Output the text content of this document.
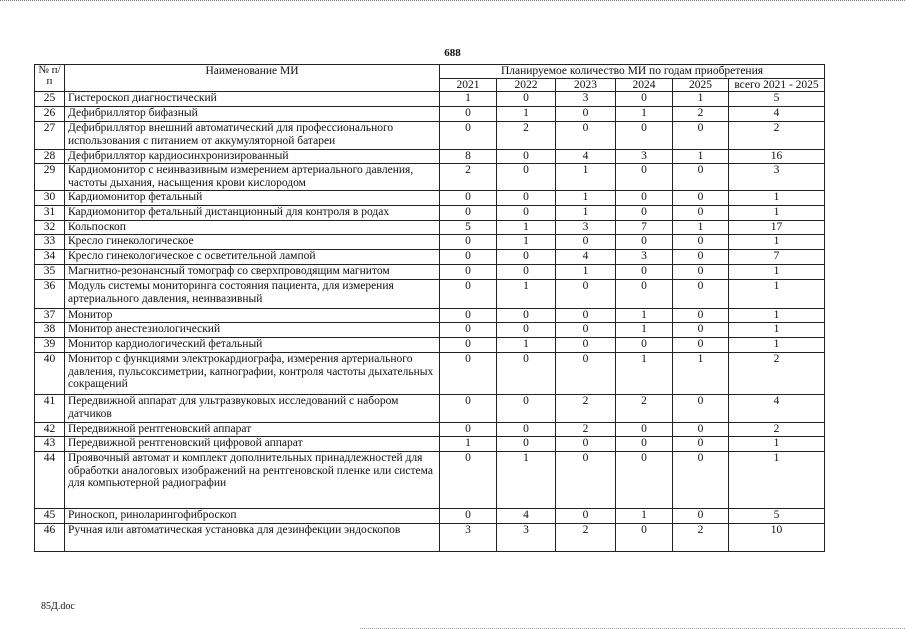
688
№ п/п	Наименование МИ	Планируемое количество МИ по годам приобретения					
		2021	2022	2023	2024	2025	всего 2021 - 2025
25	Гистероскоп диагностический	1	0	3	0	1	5
26	Дефибриллятор бифазный	0	1	0	1	2	4
27	Дефибриллятор внешний автоматический для профессионального использования с питанием от аккумуляторной батареи	0	2	0	0	0	2
28	Дефибриллятор кардиосинхронизированный	8	0	4	3	1	16
29	Кардиомонитор с неинвазивным измерением артериального давления, частоты дыхания, насыщения крови кислородом	2	0	1	0	0	3
30	Кардиомонитор фетальный	0	0	1	0	0	1
31	Кардиомонитор фетальный дистанционный для контроля в родах	0	0	1	0	0	1
32	Кольпоскоп	5	1	3	7	1	17
33	Кресло гинекологическое	0	1	0	0	0	1
34	Кресло гинекологическое с осветительной лампой	0	0	4	3	0	7
35	Магнитно-резонансный томограф со сверхпроводящим магнитом	0	0	1	0	0	1
36	Модуль системы мониторинга состояния пациента, для измерения артериального давления, неинвазивный	0	1	0	0	0	1
37	Монитор	0	0	0	1	0	1
38	Монитор анестезиологический	0	0	0	1	0	1
39	Монитор кардиологический фетальный	0	1	0	0	0	1
40	Монитор с функциями электрокардиографа, измерения артериального давления, пульсоксиметрии, капнографии, контроля частоты дыхательных сокращений	0	0	0	1	1	2
41	Передвижной аппарат для ультразвуковых исследований с набором датчиков	0	0	2	2	0	4
42	Передвижной рентгеновский аппарат	0	0	2	0	0	2
43	Передвижной рентгеновский цифровой аппарат	1	0	0	0	0	1
44	Проявочный автомат и комплект дополнительных принадлежностей для обработки аналоговых изображений на рентгеновской пленке или система для компьютерной радиографии	0	1	0	0	0	1
45	Риноскоп, риноларингофиброскоп	0	4	0	1	0	5
46	Ручная или автоматическая установка для дезинфекции эндоскопов	3	3	2	0	2	10
85Д.doc
